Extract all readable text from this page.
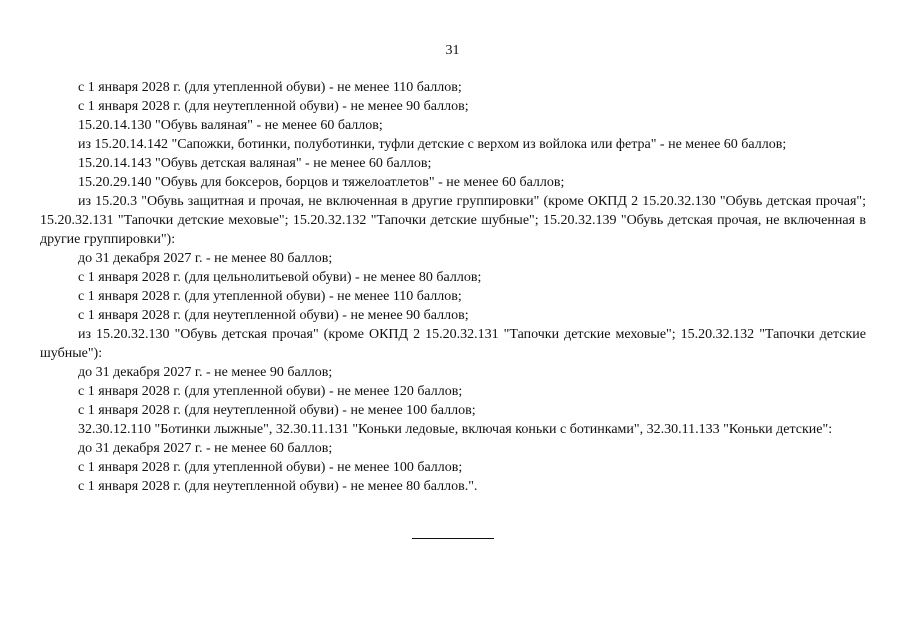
31

с 1 января 2028 г. (для утепленной обуви) - не менее 110 баллов;

с 1 января 2028 г. (для неутепленной обуви) - не менее 90 баллов;

15.20.14.130 "Обувь валяная" - не менее 60 баллов;

из 15.20.14.142 "Сапожки, ботинки, полуботинки, туфли детские с верхом из войлока или фетра" - не менее 60 баллов;

15.20.14.143 "Обувь детская валяная" - не менее 60 баллов;

15.20.29.140 "Обувь для боксеров, борцов и тяжелоатлетов" - не менее 60 баллов;

из 15.20.3 "Обувь защитная и прочая, не включенная в другие группировки" (кроме ОКПД 2 15.20.32.130 "Обувь детская прочая"; 15.20.32.131 "Тапочки детские меховые"; 15.20.32.132 "Тапочки детские шубные"; 15.20.32.139 "Обувь детская прочая, не включенная в другие группировки"):

до 31 декабря 2027 г. - не менее 80 баллов;

с 1 января 2028 г. (для цельнолитьевой обуви) - не менее 80 баллов;

с 1 января 2028 г. (для утепленной обуви) - не менее 110 баллов;

с 1 января 2028 г. (для неутепленной обуви) - не менее 90 баллов;

из 15.20.32.130 "Обувь детская прочая" (кроме ОКПД 2 15.20.32.131 "Тапочки детские меховые"; 15.20.32.132 "Тапочки детские шубные"):

до 31 декабря 2027 г. - не менее 90 баллов;

с 1 января 2028 г. (для утепленной обуви) - не менее 120 баллов;

с 1 января 2028 г. (для неутепленной обуви) - не менее 100 баллов;

32.30.12.110 "Ботинки лыжные", 32.30.11.131 "Коньки ледовые, включая коньки с ботинками", 32.30.11.133 "Коньки детские":

до 31 декабря 2027 г. - не менее 60 баллов;

с 1 января 2028 г. (для утепленной обуви) - не менее 100 баллов;

с 1 января 2028 г. (для неутепленной обуви) - не менее 80 баллов.".
